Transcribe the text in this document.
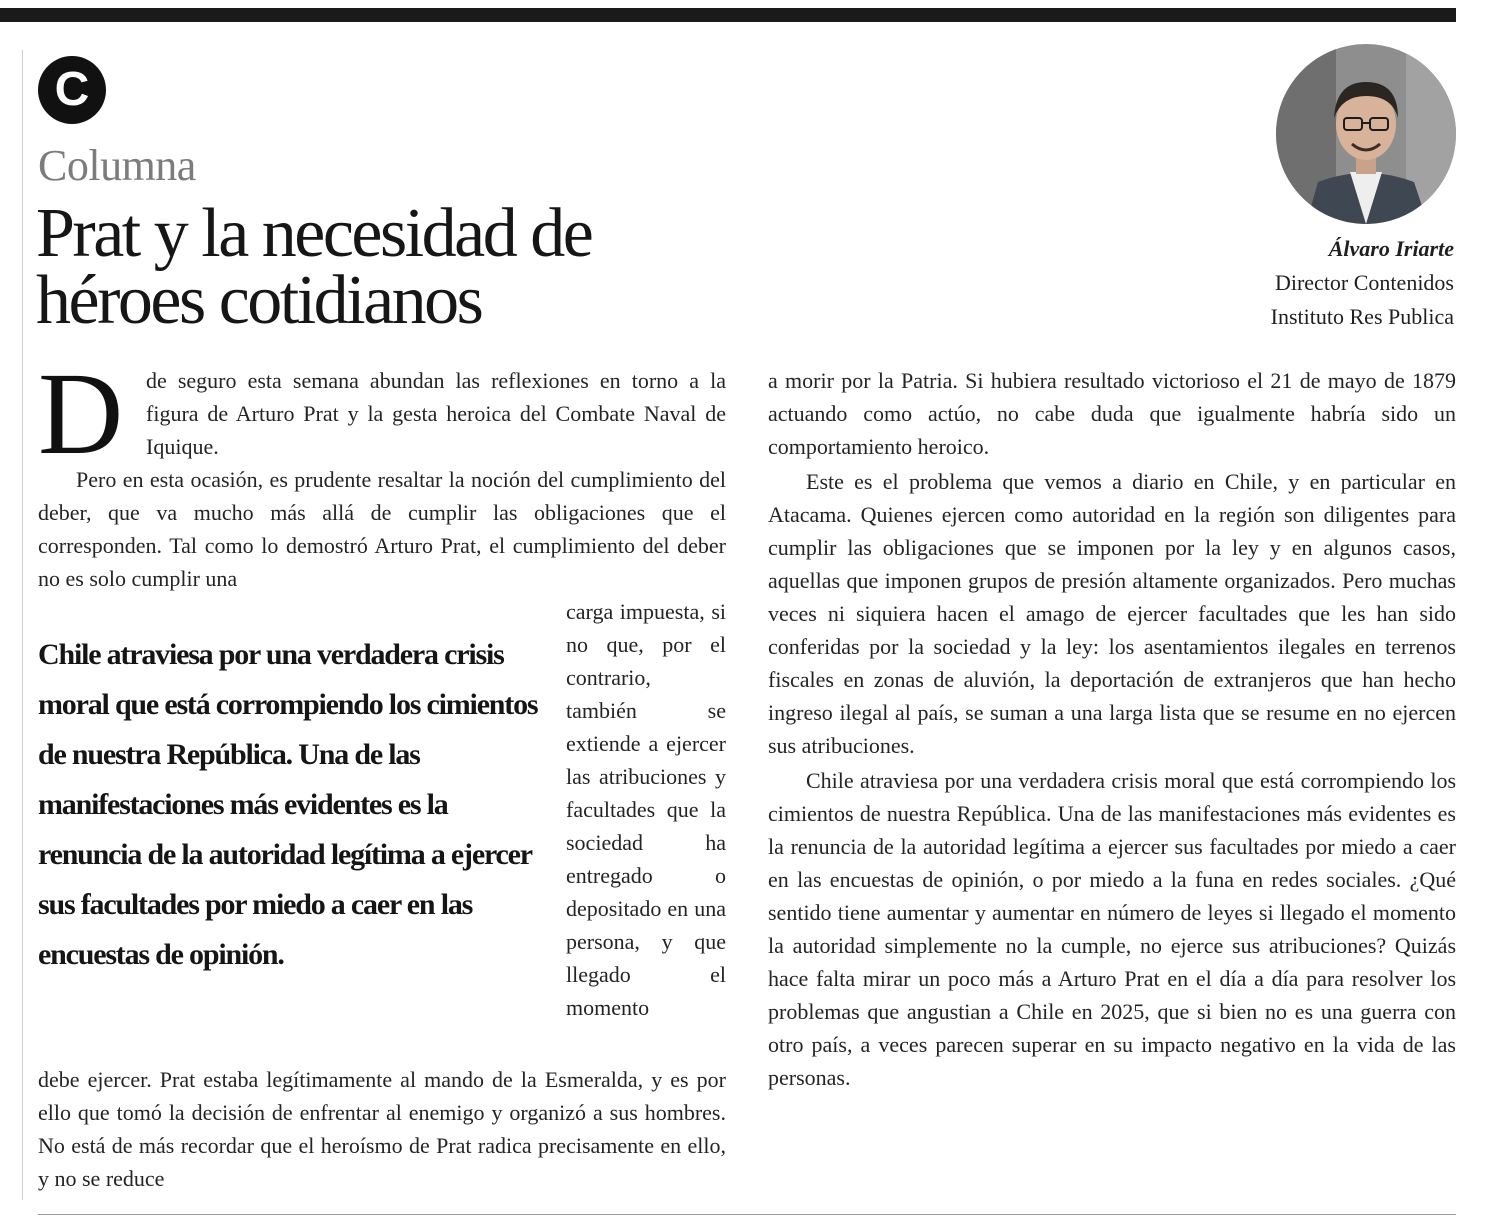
C
Columna
Prat y la necesidad de
héroes cotidianos
Álvaro Iriarte
Director Contenidos
Instituto Res Publica
D de seguro esta semana abundan las reflexiones en torno a la figura de Arturo Prat y la gesta heroica del Combate Naval de Iquique.
Pero en esta ocasión, es prudente resaltar la noción del cumplimiento del deber, que va mucho más allá de cumplir las obligaciones que el corresponden. Tal como lo demostró Arturo Prat, el cumplimiento del deber no es solo cumplir una
Chile atraviesa por una verdadera crisis moral que está corrompiendo los cimientos de nuestra República. Una de las manifestaciones más evidentes es la renuncia de la autoridad legítima a ejercer sus facultades por miedo a caer en las encuestas de opinión.
carga impuesta, si no que, por el contrario, también se extiende a ejercer las atribuciones y facultades que la sociedad ha entregado o depositado en una persona, y que llegado el momento
debe ejercer. Prat estaba legítimamente al mando de la Esmeralda, y es por ello que tomó la decisión de enfrentar al enemigo y organizó a sus hombres. No está de más recordar que el heroísmo de Prat radica precisamente en ello, y no se reduce
a morir por la Patria. Si hubiera resultado victorioso el 21 de mayo de 1879 actuando como actúo, no cabe duda que igualmente habría sido un comportamiento heroico.
Este es el problema que vemos a diario en Chile, y en particular en Atacama. Quienes ejercen como autoridad en la región son diligentes para cumplir las obligaciones que se imponen por la ley y en algunos casos, aquellas que imponen grupos de presión altamente organizados. Pero muchas veces ni siquiera hacen el amago de ejercer facultades que les han sido conferidas por la sociedad y la ley: los asentamientos ilegales en terrenos fiscales en zonas de aluvión, la deportación de extranjeros que han hecho ingreso ilegal al país, se suman a una larga lista que se resume en no ejercen sus atribuciones.
Chile atraviesa por una verdadera crisis moral que está corrompiendo los cimientos de nuestra República. Una de las manifestaciones más evidentes es la renuncia de la autoridad legítima a ejercer sus facultades por miedo a caer en las encuestas de opinión, o por miedo a la funa en redes sociales. ¿Qué sentido tiene aumentar y aumentar en número de leyes si llegado el momento la autoridad simplemente no la cumple, no ejerce sus atribuciones? Quizás hace falta mirar un poco más a Arturo Prat en el día a día para resolver los problemas que angustian a Chile en 2025, que si bien no es una guerra con otro país, a veces parecen superar en su impacto negativo en la vida de las personas.
